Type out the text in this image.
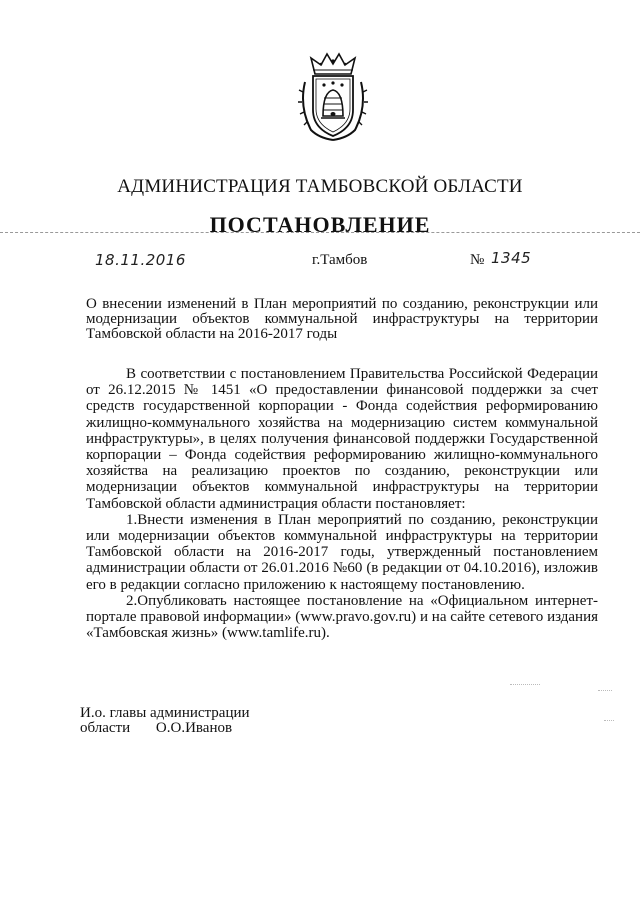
АДМИНИСТРАЦИЯ ТАМБОВСКОЙ ОБЛАСТИ
ПОСТАНОВЛЕНИЕ
18.11.2016	г.Тамбов	№ 1345
О внесении изменений в План мероприятий по созданию, реконструкции или модернизации объектов коммунальной инфраструктуры на территории Тамбовской области на 2016-2017 годы

В соответствии с постановлением Правительства Российской Федерации от 26.12.2015 № 1451 «О предоставлении финансовой поддержки за счет средств государственной корпорации - Фонда содействия реформированию жилищно-коммунального хозяйства на модернизацию систем коммунальной инфраструктуры», в целях получения финансовой поддержки Государственной корпорации – Фонда содействия реформированию жилищно-коммунального хозяйства на реализацию проектов по созданию, реконструкции или модернизации объектов коммунальной инфраструктуры на территории Тамбовской области администрация области постановляет:

1.Внести изменения в План мероприятий по созданию, реконструкции или модернизации объектов коммунальной инфраструктуры на территории Тамбовской области на 2016-2017 годы, утвержденный постановлением администрации области от 26.01.2016 №60 (в редакции от 04.10.2016), изложив его в редакции согласно приложению к настоящему постановлению.

2.Опубликовать настоящее постановление на «Официальном интернет-портале правовой информации» (www.pravo.gov.ru) и на сайте сетевого издания «Тамбовская жизнь» (www.tamlife.ru).

И.о. главы администрации
области О.О.Иванов
